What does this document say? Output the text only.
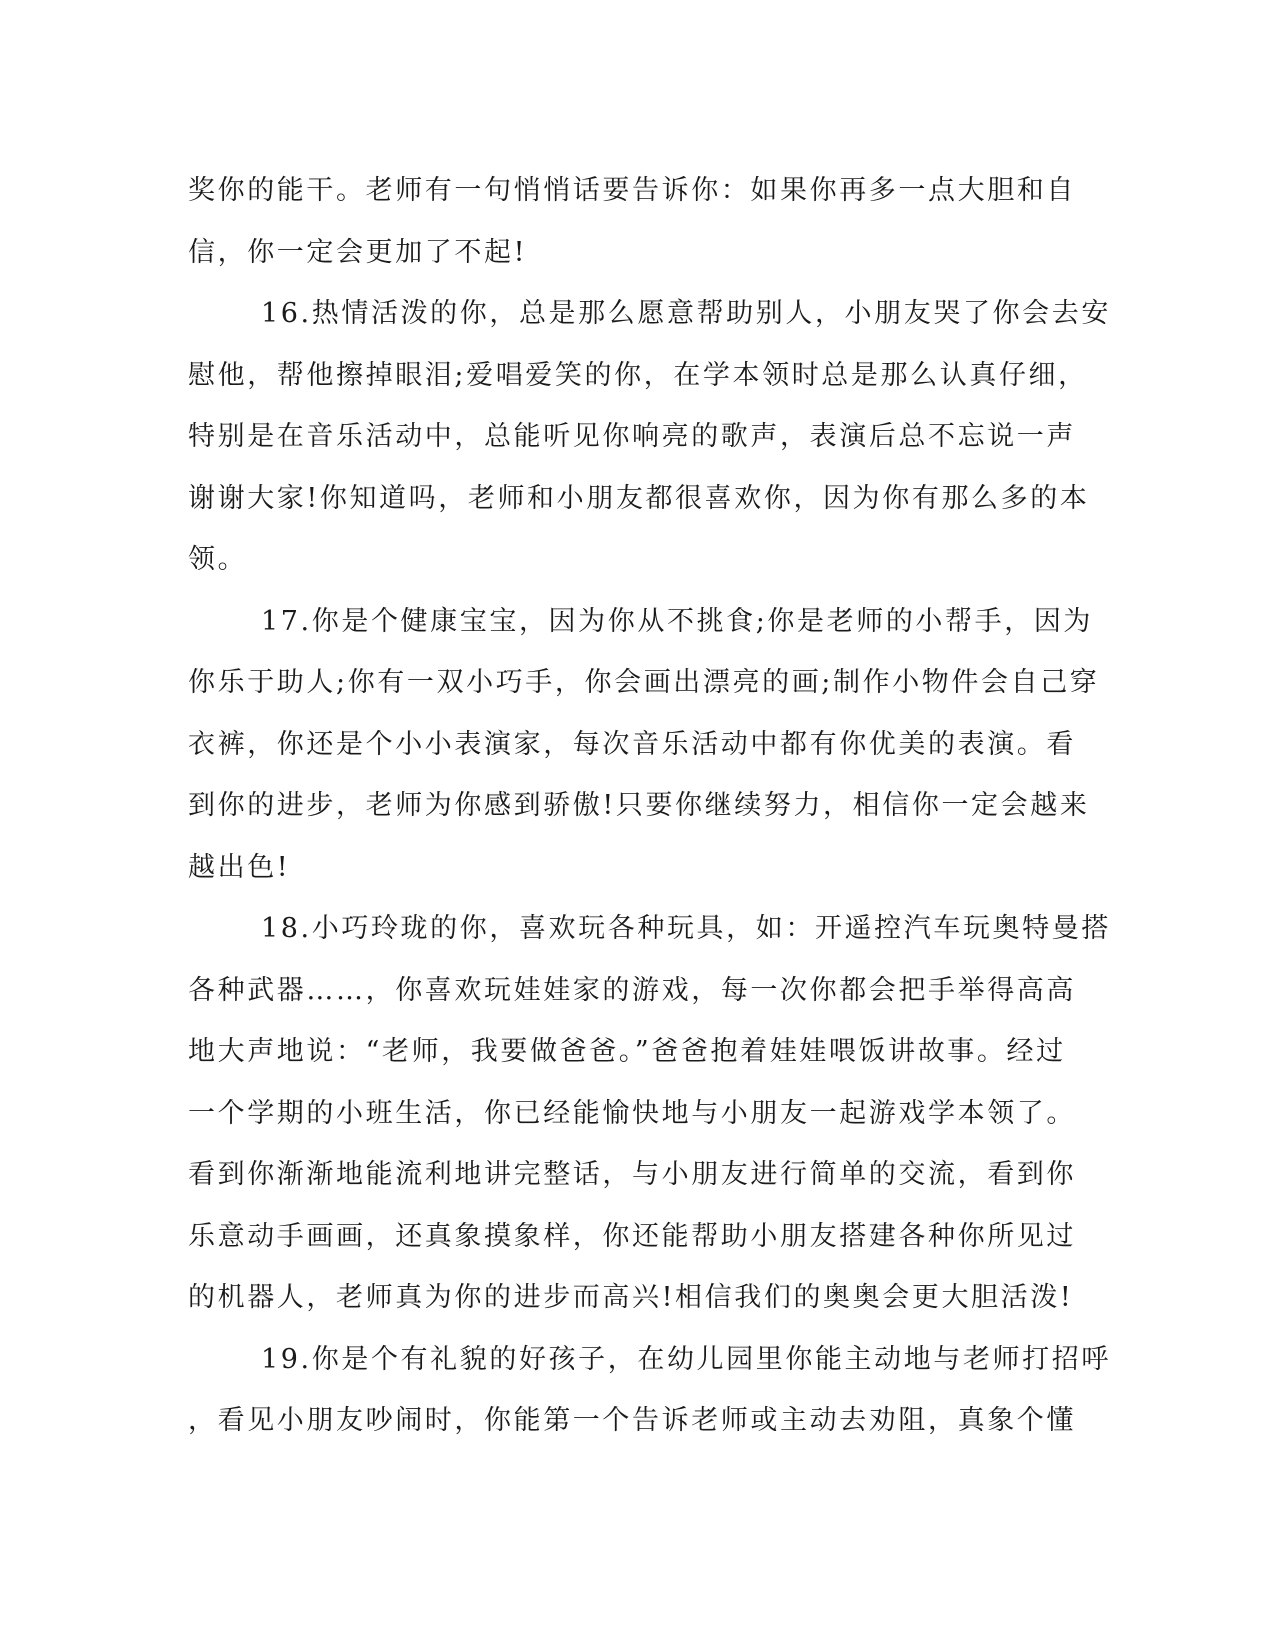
奖你的能干。老师有一句悄悄话要告诉你：如果你再多一点大胆和自
信，你一定会更加了不起!
16.热情活泼的你，总是那么愿意帮助别人，小朋友哭了你会去安
慰他，帮他擦掉眼泪;爱唱爱笑的你，在学本领时总是那么认真仔细，
特别是在音乐活动中，总能听见你响亮的歌声，表演后总不忘说一声
谢谢大家!你知道吗，老师和小朋友都很喜欢你，因为你有那么多的本
领。
17.你是个健康宝宝，因为你从不挑食;你是老师的小帮手，因为
你乐于助人;你有一双小巧手，你会画出漂亮的画;制作小物件会自己穿
衣裤，你还是个小小表演家，每次音乐活动中都有你优美的表演。看
到你的进步，老师为你感到骄傲!只要你继续努力，相信你一定会越来
越出色!
18.小巧玲珑的你，喜欢玩各种玩具，如：开遥控汽车玩奥特曼搭
各种武器……，你喜欢玩娃娃家的游戏，每一次你都会把手举得高高
地大声地说：“老师，我要做爸爸。”爸爸抱着娃娃喂饭讲故事。经过
一个学期的小班生活，你已经能愉快地与小朋友一起游戏学本领了。
看到你渐渐地能流利地讲完整话，与小朋友进行简单的交流，看到你
乐意动手画画，还真象摸象样，你还能帮助小朋友搭建各种你所见过
的机器人，老师真为你的进步而高兴!相信我们的奥奥会更大胆活泼!
19.你是个有礼貌的好孩子，在幼儿园里你能主动地与老师打招呼
，看见小朋友吵闹时，你能第一个告诉老师或主动去劝阻，真象个懂
